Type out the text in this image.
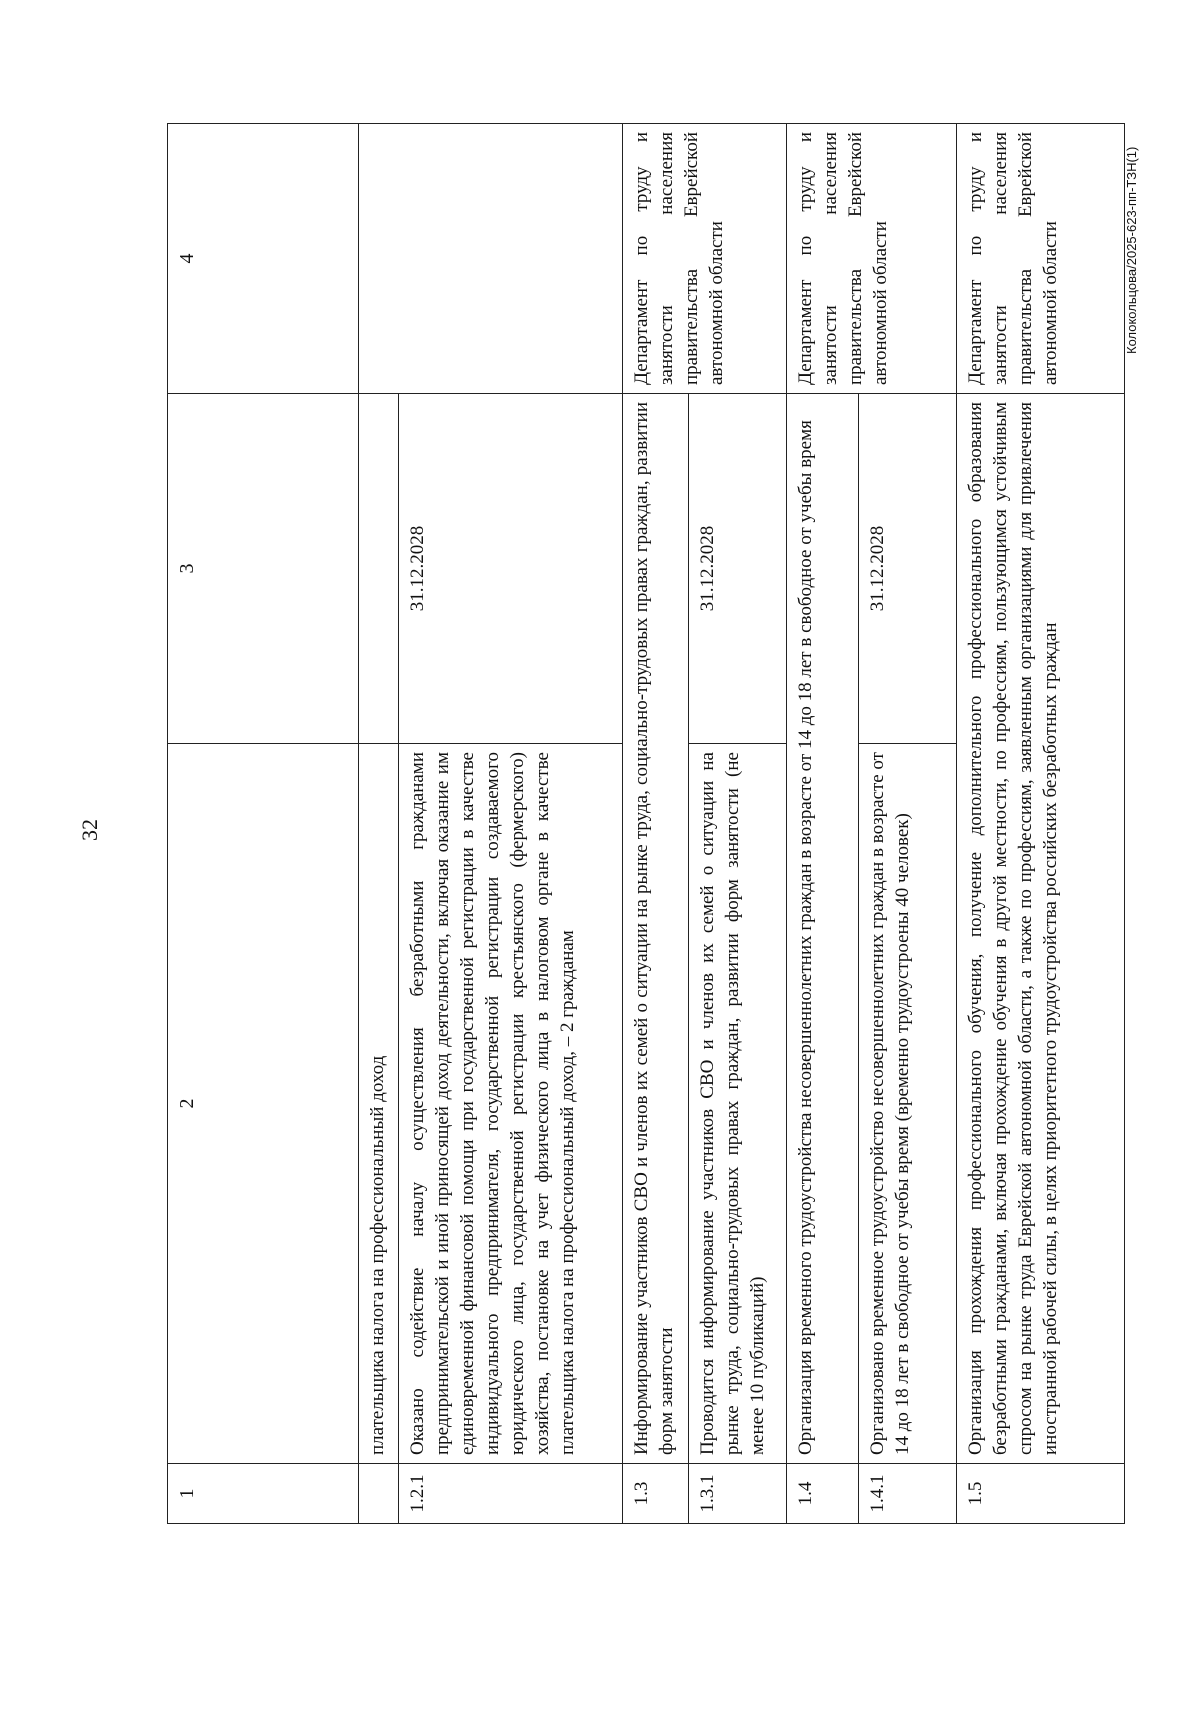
32
Колокольцова/2025-623-пп-ТЗН(1)
1	2	3	4
	плательщика налога на профессиональный доход		
1.2.1	Оказано содействие началу осуществления безработными гражданами предпринимательской и иной приносящей доход деятельности, включая оказание им единовременной финансовой помощи при государственной регистрации в качестве индивидуального предпринимателя, государственной регистрации создаваемого юридического лица, государственной регистрации крестьянского (фермерского) хозяйства, постановке на учет физического лица в налоговом органе в качестве плательщика налога на профессиональный доход, – 2 гражданам	31.12.2028	
1.3	Информирование участников СВО и членов их семей о ситуации на рынке труда, социально-трудовых правах граждан, развитии форм занятости		Департамент по труду и занятости населения правительства Еврейской автономной области
1.3.1	Проводится информирование участников СВО и членов их семей о ситуации на рынке труда, социально-трудовых правах граждан, развитии форм занятости (не менее 10 публикаций)	31.12.2028	
1.4	Организация временного трудоустройства несовершеннолетних граждан в возрасте от 14 до 18 лет в свободное от учебы время		Департамент по труду и занятости населения правительства Еврейской автономной области
1.4.1	Организовано временное трудоустройство несовершеннолетних граждан в возрасте от 14 до 18 лет в свободное от учебы время (временно трудоустроены 40 человек)	31.12.2028	
1.5	Организация прохождения профессионального обучения, получение дополнительного профессионального образования безработными гражданами, включая прохождение обучения в другой местности, по профессиям, пользующимся устойчивым спросом на рынке труда Еврейской автономной области, а также по профессиям, заявленным организациями для привлечения иностранной рабочей силы, в целях приоритетного трудоустройства российских безработных граждан		Департамент по труду и занятости населения правительства Еврейской автономной области
